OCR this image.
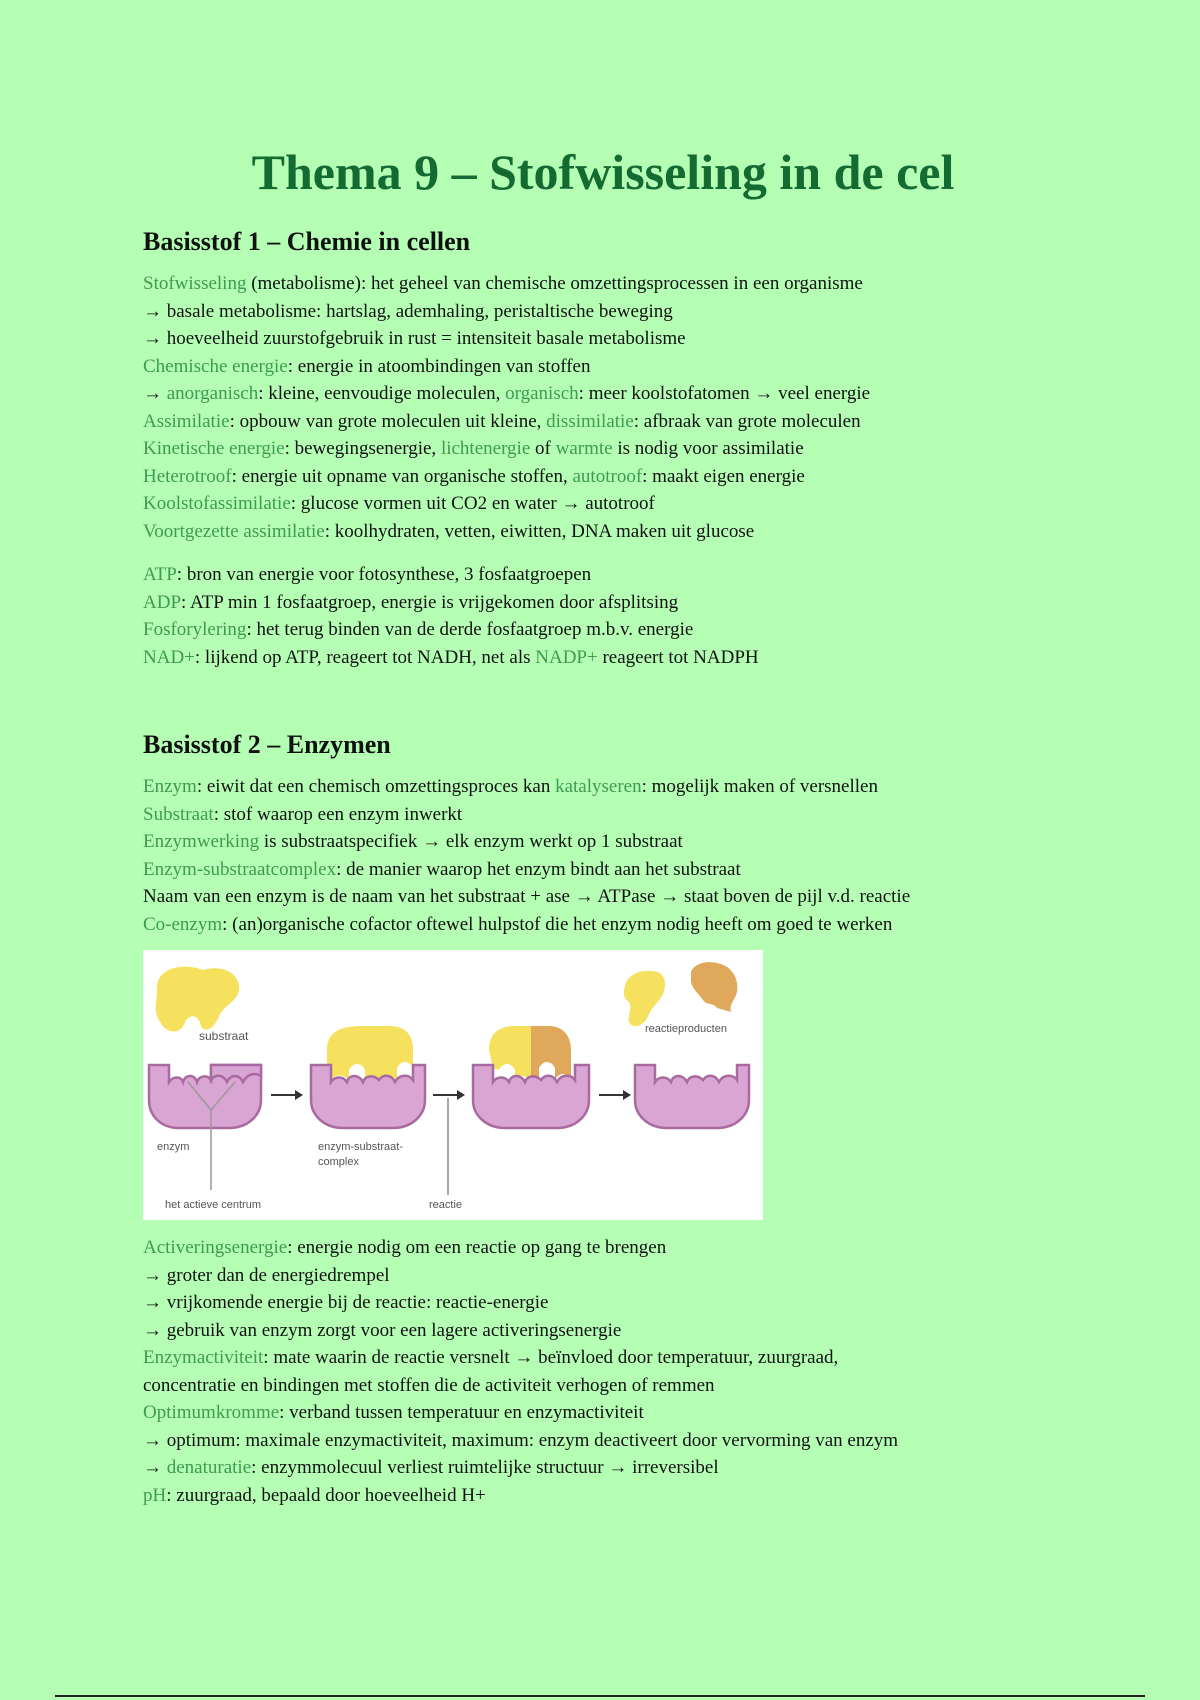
Thema 9 – Stofwisseling in de cel
Basisstof 1 – Chemie in cellen
Stofwisseling (metabolisme): het geheel van chemische omzettingsprocessen in een organisme
→ basale metabolisme: hartslag, ademhaling, peristaltische beweging
→ hoeveelheid zuurstofgebruik in rust = intensiteit basale metabolisme
Chemische energie: energie in atoombindingen van stoffen
→ anorganisch: kleine, eenvoudige moleculen, organisch: meer koolstofatomen → veel energie
Assimilatie: opbouw van grote moleculen uit kleine, dissimilatie: afbraak van grote moleculen
Kinetische energie: bewegingsenergie, lichtenergie of warmte is nodig voor assimilatie
Heterotroof: energie uit opname van organische stoffen, autotroof: maakt eigen energie
Koolstofassimilatie: glucose vormen uit CO2 en water → autotroof
Voortgezette assimilatie: koolhydraten, vetten, eiwitten, DNA maken uit glucose
ATP: bron van energie voor fotosynthese, 3 fosfaatgroepen
ADP: ATP min 1 fosfaatgroep, energie is vrijgekomen door afsplitsing
Fosforylering: het terug binden van de derde fosfaatgroep m.b.v. energie
NAD+: lijkend op ATP, reageert tot NADH, net als NADP+ reageert tot NADPH
Basisstof 2 – Enzymen
Enzym: eiwit dat een chemisch omzettingsproces kan katalyseren: mogelijk maken of versnellen
Substraat: stof waarop een enzym inwerkt
Enzymwerking is substraatspecifiek → elk enzym werkt op 1 substraat
Enzym-substraatcomplex: de manier waarop het enzym bindt aan het substraat
Naam van een enzym is de naam van het substraat + ase → ATPase → staat boven de pijl v.d. reactie
Co-enzym: (an)organische cofactor oftewel hulpstof die het enzym nodig heeft om goed te werken
substraat
enzym-substraat-
complex
reactie
reactieproducten
enzym
het actieve centrum
Activeringsenergie: energie nodig om een reactie op gang te brengen
→ groter dan de energiedrempel
→ vrijkomende energie bij de reactie: reactie-energie
→ gebruik van enzym zorgt voor een lagere activeringsenergie
Enzymactiviteit: mate waarin de reactie versnelt → beïnvloed door temperatuur, zuurgraad,
concentratie en bindingen met stoffen die de activiteit verhogen of remmen
Optimumkromme: verband tussen temperatuur en enzymactiviteit
→ optimum: maximale enzymactiviteit, maximum: enzym deactiveert door vervorming van enzym
→ denaturatie: enzymmolecuul verliest ruimtelijke structuur → irreversibel
pH: zuurgraad, bepaald door hoeveelheid H+
